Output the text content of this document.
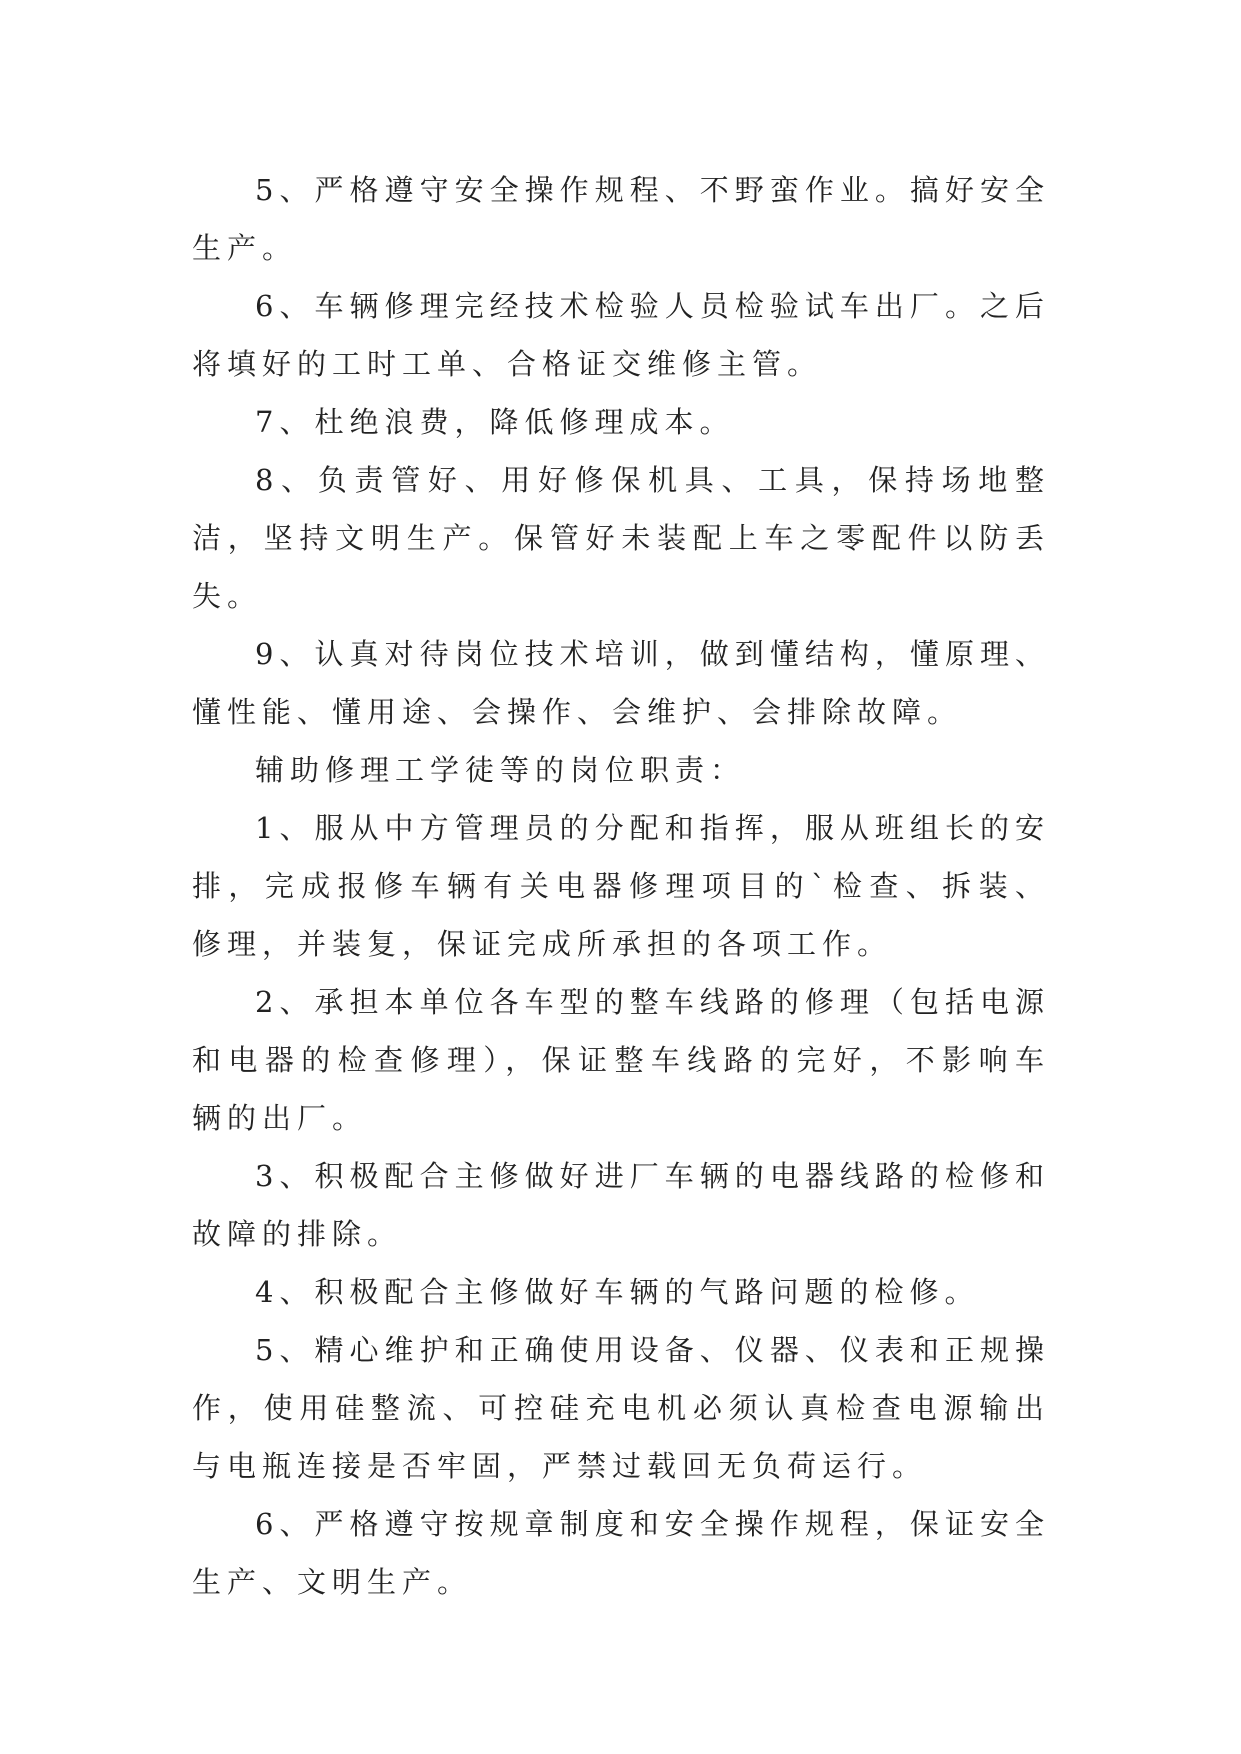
5、严格遵守安全操作规程、不野蛮作业。搞好安全生产。

6、车辆修理完经技术检验人员检验试车出厂。之后将填好的工时工单、合格证交维修主管。

7、杜绝浪费，降低修理成本。

8、负责管好、用好修保机具、工具，保持场地整洁，坚持文明生产。保管好未装配上车之零配件以防丢失。

9、认真对待岗位技术培训，做到懂结构，懂原理、懂性能、懂用途、会操作、会维护、会排除故障。

辅助修理工学徒等的岗位职责：

1、服从中方管理员的分配和指挥，服从班组长的安排，完成报修车辆有关电器修理项目的`检查、拆装、修理，并装复，保证完成所承担的各项工作。

2、承担本单位各车型的整车线路的修理（包括电源和电器的检查修理），保证整车线路的完好，不影响车辆的出厂。

3、积极配合主修做好进厂车辆的电器线路的检修和故障的排除。

4、积极配合主修做好车辆的气路问题的检修。

5、精心维护和正确使用设备、仪器、仪表和正规操作，使用硅整流、可控硅充电机必须认真检查电源输出与电瓶连接是否牢固，严禁过载回无负荷运行。

6、严格遵守按规章制度和安全操作规程，保证安全生产、文明生产。
